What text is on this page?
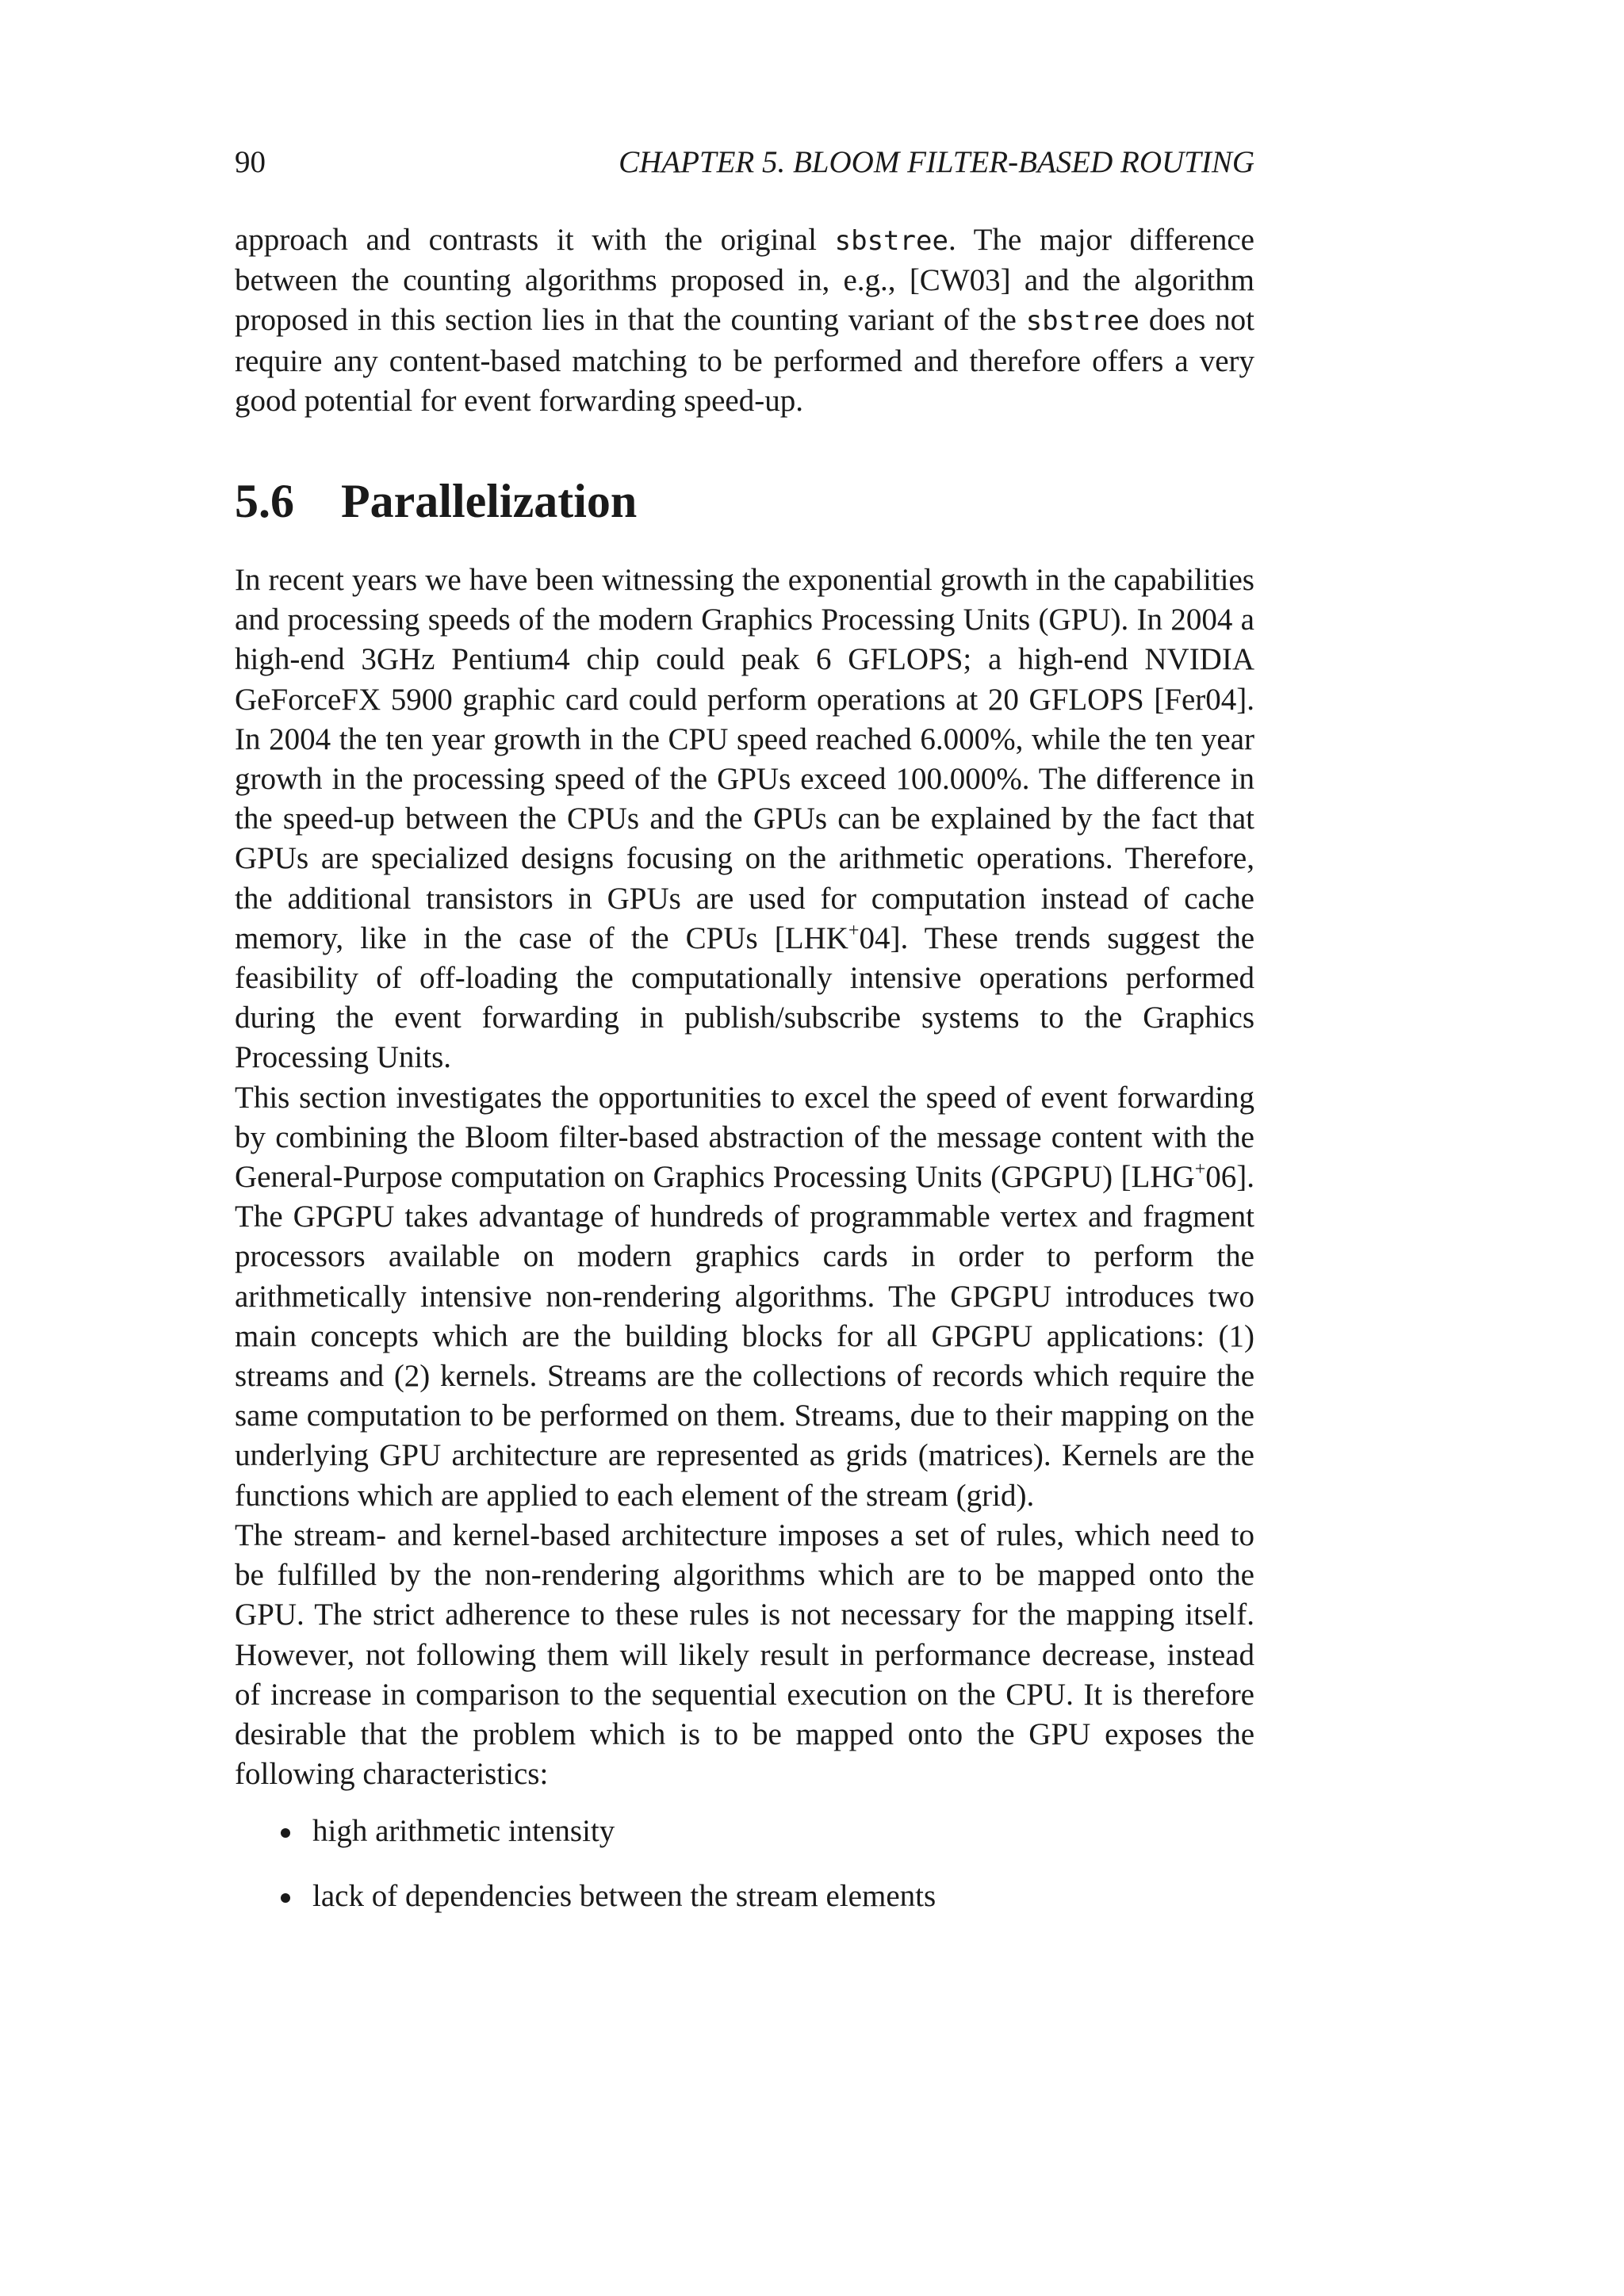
90	CHAPTER 5. BLOOM FILTER-BASED ROUTING

approach and contrasts it with the original sbstree. The major difference between the counting algorithms proposed in, e.g., [CW03] and the algorithm proposed in this section lies in that the counting variant of the sbstree does not require any content-based matching to be performed and therefore offers a very good potential for event forwarding speed-up.

5.6 Parallelization

In recent years we have been witnessing the exponential growth in the capabilities and processing speeds of the modern Graphics Processing Units (GPU). In 2004 a high-end 3GHz Pentium4 chip could peak 6 GFLOPS; a high-end NVIDIA GeForceFX 5900 graphic card could perform operations at 20 GFLOPS [Fer04]. In 2004 the ten year growth in the CPU speed reached 6.000%, while the ten year growth in the processing speed of the GPUs exceed 100.000%. The difference in the speed-up between the CPUs and the GPUs can be explained by the fact that GPUs are specialized designs focusing on the arithmetic operations. Therefore, the additional transistors in GPUs are used for computation instead of cache memory, like in the case of the CPUs [LHK+04]. These trends suggest the feasibility of off-loading the computationally intensive operations performed during the event forwarding in publish/subscribe systems to the Graphics Processing Units.

This section investigates the opportunities to excel the speed of event forwarding by combining the Bloom filter-based abstraction of the message content with the General-Purpose computation on Graphics Processing Units (GPGPU) [LHG+06]. The GPGPU takes advantage of hundreds of programmable vertex and fragment processors available on modern graphics cards in order to perform the arithmetically intensive non-rendering algorithms. The GPGPU introduces two main concepts which are the building blocks for all GPGPU applications: (1) streams and (2) kernels. Streams are the collections of records which require the same computation to be performed on them. Streams, due to their mapping on the underlying GPU architecture are represented as grids (matrices). Kernels are the functions which are applied to each element of the stream (grid).

The stream- and kernel-based architecture imposes a set of rules, which need to be fulfilled by the non-rendering algorithms which are to be mapped onto the GPU. The strict adherence to these rules is not necessary for the mapping itself. However, not following them will likely result in performance decrease, instead of increase in comparison to the sequential execution on the CPU. It is therefore desirable that the problem which is to be mapped onto the GPU exposes the following characteristics:

high arithmetic intensity
lack of dependencies between the stream elements
